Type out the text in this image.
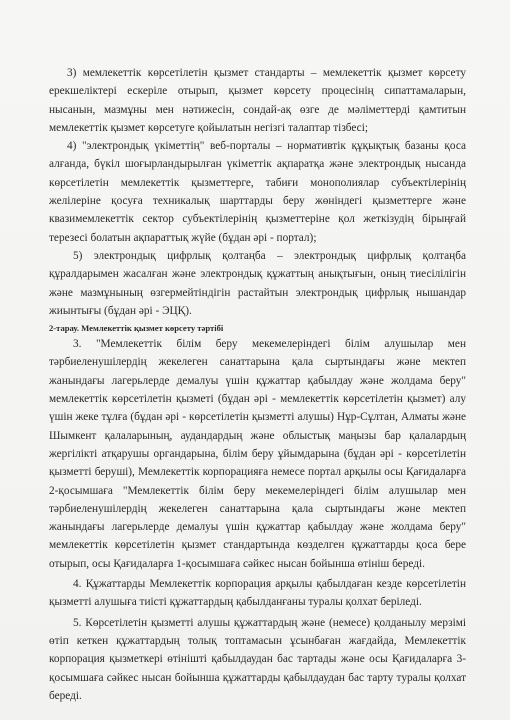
3) мемлекеттік көрсетілетін қызмет стандарты – мемлекеттік қызмет көрсету ерекшеліктері ескеріле отырып, қызмет көрсету процесінің сипаттамаларын, нысанын, мазмұны мен нәтижесін, сондай-ақ өзге де мәліметтерді қамтитын мемлекеттік қызмет көрсетуге қойылатын негізгі талаптар тізбесі;

4) "электрондық үкіметтің" веб-порталы – нормативтік құқықтық базаны қоса алғанда, бүкіл шоғырландырылған үкіметтік ақпаратқа және электрондық нысанда көрсетілетін мемлекеттік қызметтерге, табиғи монополиялар субъектілерінің желілеріне қосуға техникалық шарттарды беру жөніндегі қызметтерге және квазимемлекеттік сектор субъектілерінің қызметтеріне қол жеткізудің бірыңғай терезесі болатын ақпараттық жүйе (бұдан әрі - портал);

5) электрондық цифрлық қолтаңба – электрондық цифрлық қолтаңба құралдарымен жасалған және электрондық құжаттың анықтығын, оның тиесілілігін және мазмұнының өзгермейтіндігін растайтын электрондық цифрлық нышандар жиынтығы (бұдан әрі - ЭЦҚ).

2-тарау. Мемлекеттік қызмет көрсету тәртібі

3. "Мемлекеттік білім беру мекемелеріндегі білім алушылар мен тәрбиеленушілердің жекелеген санаттарына қала сыртындағы және мектеп жанындағы лагерьлерде демалуы үшін құжаттар қабылдау және жолдама беру" мемлекеттік көрсетілетін қызметі (бұдан әрі - мемлекеттік көрсетілетін қызмет) алу үшін жеке тұлға (бұдан әрі - көрсетілетін қызметті алушы) Нұр-Сұлтан, Алматы және Шымкент қалаларының, аудандардың және облыстық маңызы бар қалалардың жергілікті атқарушы органдарына, білім беру ұйымдарына (бұдан әрі - көрсетілетін қызметті беруші), Мемлекеттік корпорацияға немесе портал арқылы осы Қағидаларға 2-қосымшаға "Мемлекеттік білім беру мекемелеріндегі білім алушылар мен тәрбиеленушілердің жекелеген санаттарына қала сыртындағы және мектеп жанындағы лагерьлерде демалуы үшін құжаттар қабылдау және жолдама беру" мемлекеттік көрсетілетін қызмет стандартында көзделген құжаттарды қоса бере отырып, осы Қағидаларға 1-қосымшаға сәйкес нысан бойынша өтініш береді.

4. Құжаттарды Мемлекеттік корпорация арқылы қабылдаған кезде көрсетілетін қызметті алушыға тиісті құжаттардың қабылданғаны туралы қолхат беріледі.

5. Көрсетілетін қызметті алушы құжаттардың және (немесе) қолданылу мерзімі өтіп кеткен құжаттардың толық топтамасын ұсынбаған жағдайда, Мемлекеттік корпорация қызметкері өтінішті қабылдаудан бас тартады және осы Қағидаларға 3-қосымшаға сәйкес нысан бойынша құжаттарды қабылдаудан бас тарту туралы қолхат береді.
